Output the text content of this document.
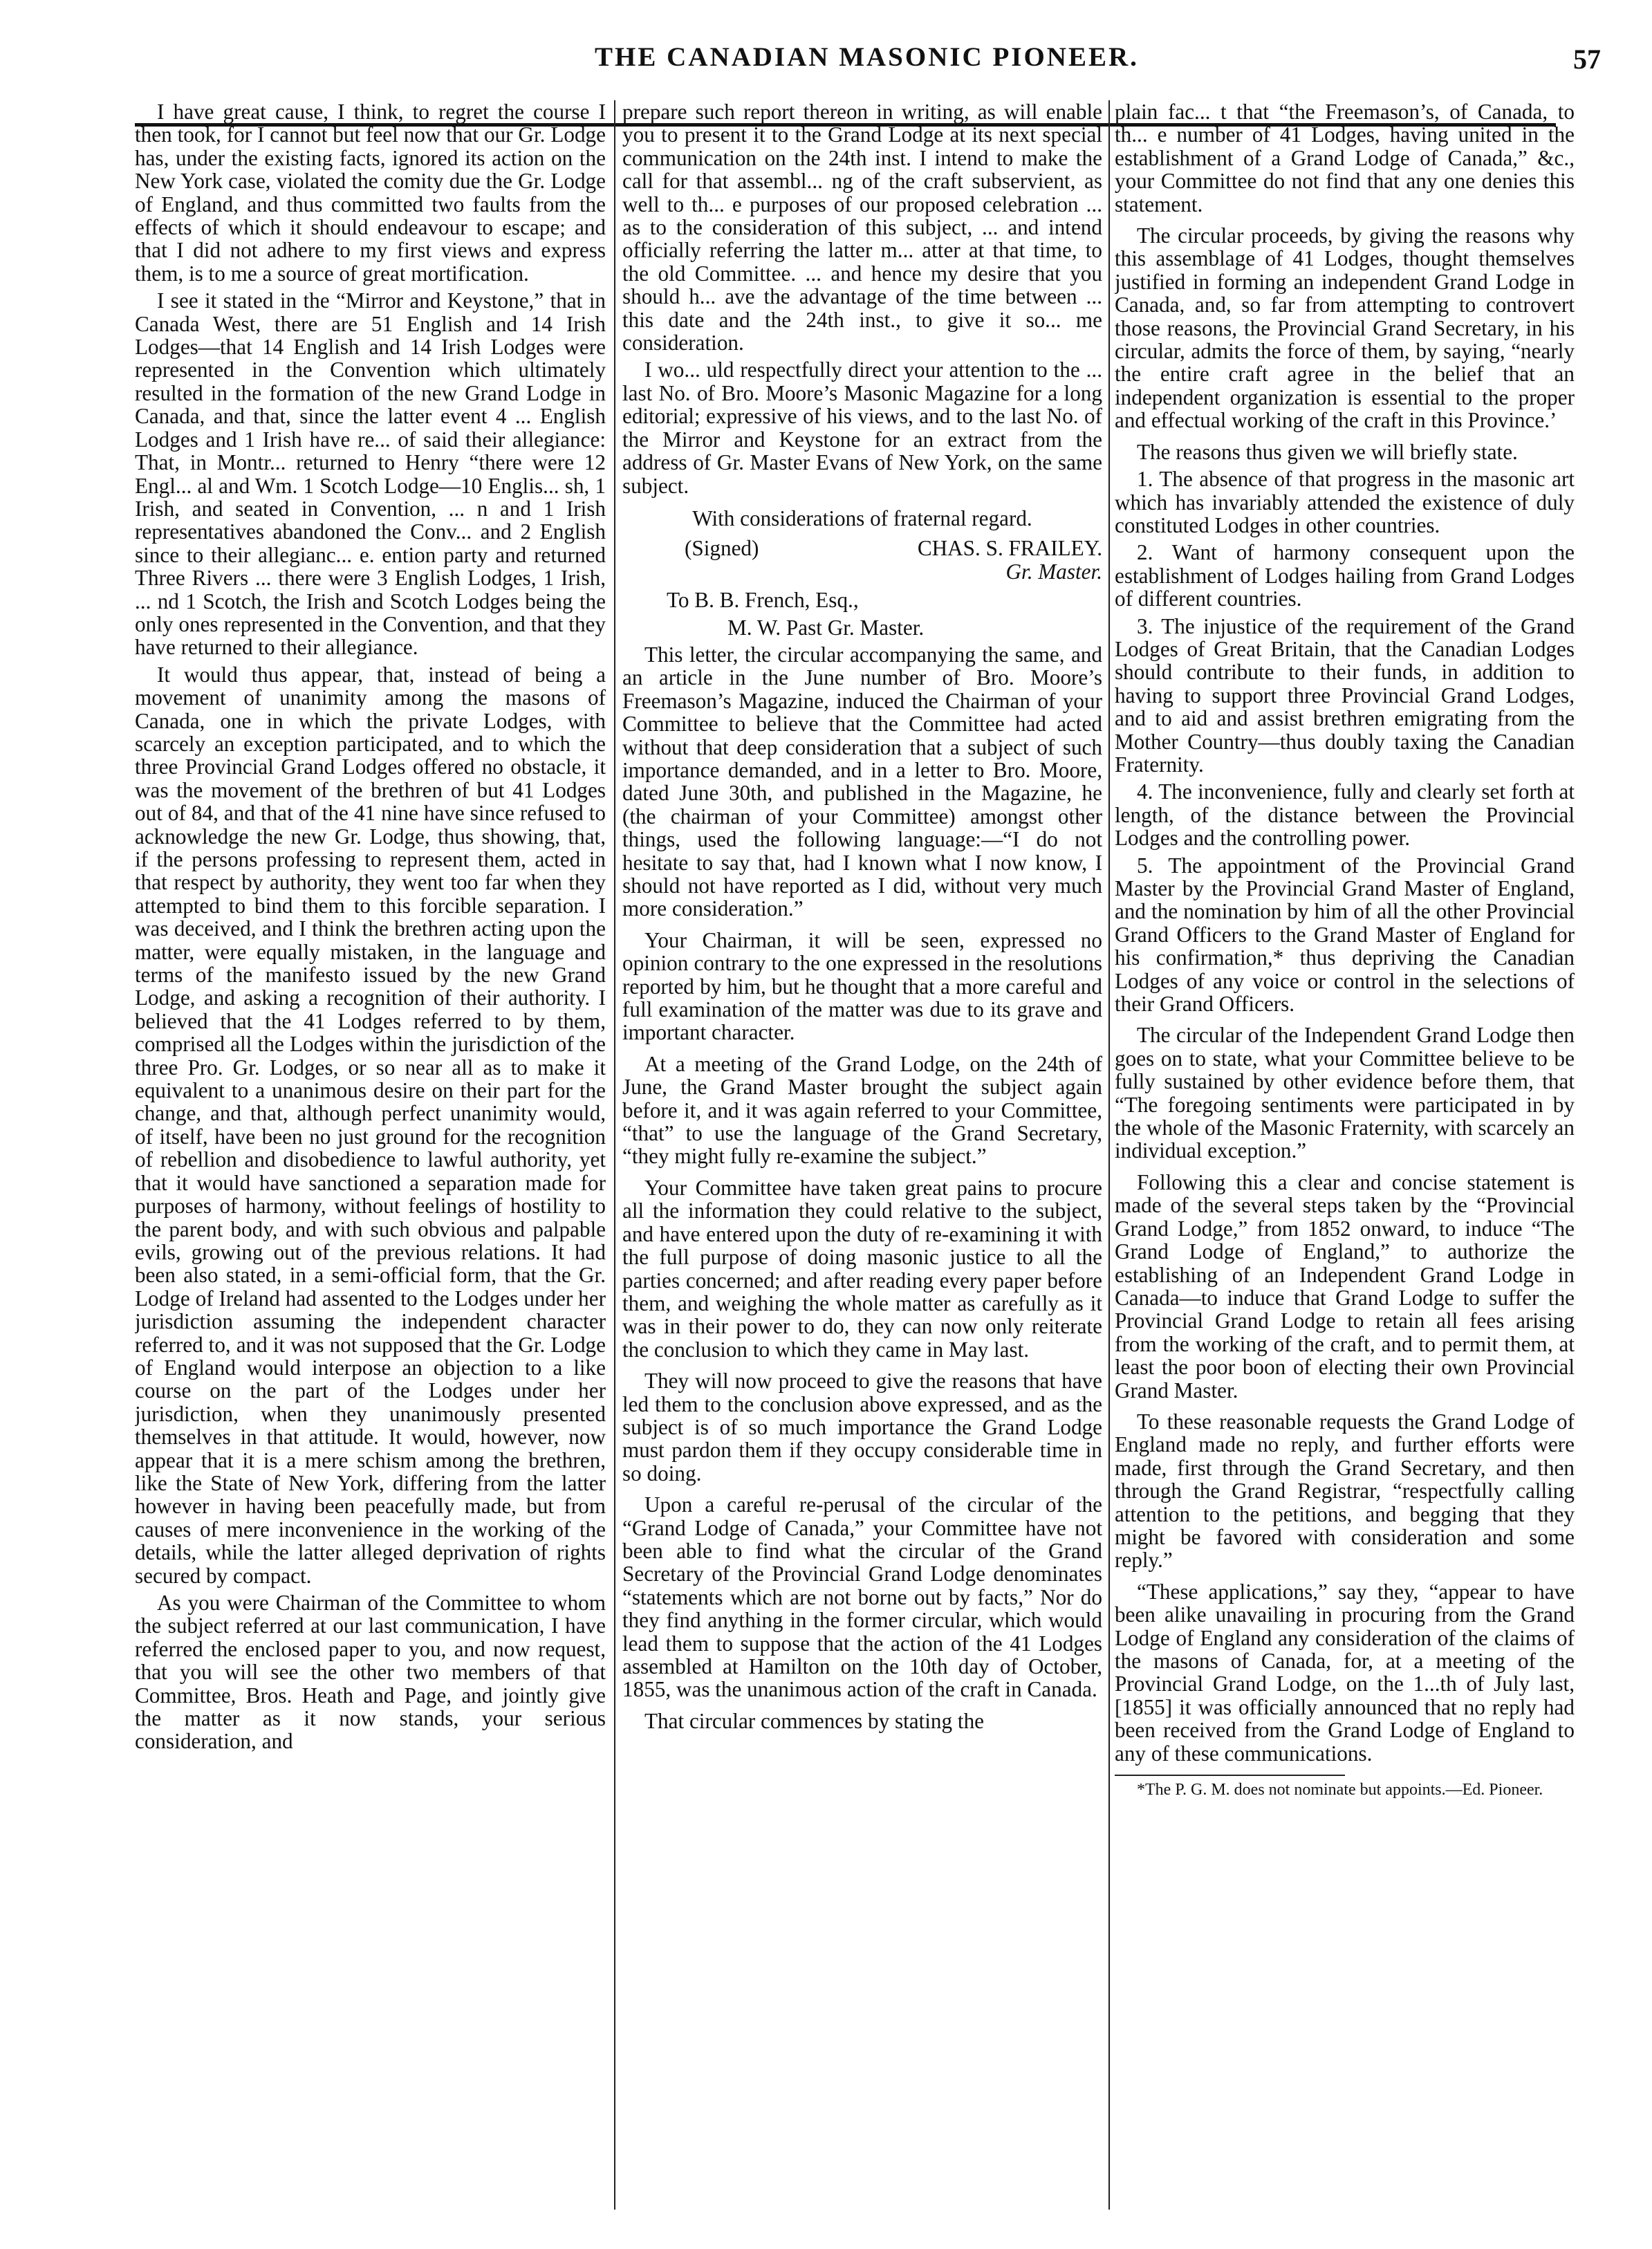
THE CANADIAN MASONIC PIONEER.	57

I have great cause, I think, to regret the course I then took, for I cannot but feel now that our Gr. Lodge has, under the existing facts, ignored its action on the New York case, violated the comity due the Gr. Lodge of England, and thus committed two faults from the effects of which it should endeavour to escape; and that I did not adhere to my first views and express them, is to me a source of great mortification.

I see it stated in the “Mirror and Keystone,” that in Canada West, there are 51 English and 14 Irish Lodges—that 14 English and 14 Irish Lodges were represented in the Convention which ultimately resulted in the formation of the new Grand Lodge in Canada, and that, since the latter event 4 ... English Lodges and 1 Irish have re... of said their allegiance: That, in Montr... returned to Henry “there were 12 Engl... al and Wm. 1 Scotch Lodge—10 Englis... sh, 1 Irish, and seated in Convention, ... n and 1 Irish representatives abandoned the Conv... and 2 English since to their allegianc... e. ention party and returned Three Rivers ... there were 3 English Lodges, 1 Irish, ... nd 1 Scotch, the Irish and Scotch Lodges being the only ones represented in the Convention, and that they have returned to their allegiance.

It would thus appear, that, instead of being a movement of unanimity among the masons of Canada, one in which the private Lodges, with scarcely an exception participated, and to which the three Provincial Grand Lodges offered no obstacle, it was the movement of the brethren of but 41 Lodges out of 84, and that of the 41 nine have since refused to acknowledge the new Gr. Lodge, thus showing, that, if the persons professing to represent them, acted in that respect by authority, they went too far when they attempted to bind them to this forcible separation. I was deceived, and I think the brethren acting upon the matter, were equally mistaken, in the language and terms of the manifesto issued by the new Grand Lodge, and asking a recognition of their authority. I believed that the 41 Lodges referred to by them, comprised all the Lodges within the jurisdiction of the three Pro. Gr. Lodges, or so near all as to make it equivalent to a unanimous desire on their part for the change, and that, although perfect unanimity would, of itself, have been no just ground for the recognition of rebellion and disobedience to lawful authority, yet that it would have sanctioned a separation made for purposes of harmony, without feelings of hostility to the parent body, and with such obvious and palpable evils, growing out of the previous relations. It had been also stated, in a semi-official form, that the Gr. Lodge of Ireland had assented to the Lodges under her jurisdiction assuming the independent character referred to, and it was not supposed that the Gr. Lodge of England would interpose an objection to a like course on the part of the Lodges under her jurisdiction, when they unanimously presented themselves in that attitude. It would, however, now appear that it is a mere schism among the brethren, like the State of New York, differing from the latter however in having been peacefully made, but from causes of mere inconvenience in the working of the details, while the latter alleged deprivation of rights secured by compact.

As you were Chairman of the Committee to whom the subject referred at our last communication, I have referred the enclosed paper to you, and now request, that you will see the other two members of that Committee, Bros. Heath and Page, and jointly give the matter as it now stands, your serious consideration, and

prepare such report thereon in writing, as will enable you to present it to the Grand Lodge at its next special communication on the 24th inst. I intend to make the call for that assembl... ng of the craft subservient, as well to th... e purposes of our proposed celebration ... as to the consideration of this subject, ... and intend officially referring the latter m... atter at that time, to the old Committee. ... and hence my desire that you should h... ave the advantage of the time between ... this date and the 24th inst., to give it so... me consideration.

I wo... uld respectfully direct your attention to the ... last No. of Bro. Moore’s Masonic Magazine for a long editorial; expressive of his views, and to the last No. of the Mirror and Keystone for an extract from the address of Gr. Master Evans of New York, on the same subject.

With considerations of fraternal regard.

(Signed)	CHAS. S. FRAILEY.
Gr. Master.

To B. B. French, Esq.,

M. W. Past Gr. Master.

This letter, the circular accompanying the same, and an article in the June number of Bro. Moore’s Freemason’s Magazine, induced the Chairman of your Committee to believe that the Committee had acted without that deep consideration that a subject of such importance demanded, and in a letter to Bro. Moore, dated June 30th, and published in the Magazine, he (the chairman of your Committee) amongst other things, used the following language:—“I do not hesitate to say that, had I known what I now know, I should not have reported as I did, without very much more consideration.”

Your Chairman, it will be seen, expressed no opinion contrary to the one expressed in the resolutions reported by him, but he thought that a more careful and full examination of the matter was due to its grave and important character.

At a meeting of the Grand Lodge, on the 24th of June, the Grand Master brought the subject again before it, and it was again referred to your Committee, “that” to use the language of the Grand Secretary, “they might fully re-examine the subject.”

Your Committee have taken great pains to procure all the information they could relative to the subject, and have entered upon the duty of re-examining it with the full purpose of doing masonic justice to all the parties concerned; and after reading every paper before them, and weighing the whole matter as carefully as it was in their power to do, they can now only reiterate the conclusion to which they came in May last.

They will now proceed to give the reasons that have led them to the conclusion above expressed, and as the subject is of so much importance the Grand Lodge must pardon them if they occupy considerable time in so doing.

Upon a careful re-perusal of the circular of the “Grand Lodge of Canada,” your Committee have not been able to find what the circular of the Grand Secretary of the Provincial Grand Lodge denominates “statements which are not borne out by facts,” Nor do they find anything in the former circular, which would lead them to suppose that the action of the 41 Lodges assembled at Hamilton on the 10th day of October, 1855, was the unanimous action of the craft in Canada.

That circular commences by stating the

plain fac... t that “the Freemason’s, of Canada, to th... e number of 41 Lodges, having united in the establishment of a Grand Lodge of Canada,” &c., your Committee do not find that any one denies this statement.

The circular proceeds, by giving the reasons why this assemblage of 41 Lodges, thought themselves justified in forming an independent Grand Lodge in Canada, and, so far from attempting to controvert those reasons, the Provincial Grand Secretary, in his circular, admits the force of them, by saying, “nearly the entire craft agree in the belief that an independent organization is essential to the proper and effectual working of the craft in this Province.’

The reasons thus given we will briefly state.

1. The absence of that progress in the masonic art which has invariably attended the existence of duly constituted Lodges in other countries.

2. Want of harmony consequent upon the establishment of Lodges hailing from Grand Lodges of different countries.

3. The injustice of the requirement of the Grand Lodges of Great Britain, that the Canadian Lodges should contribute to their funds, in addition to having to support three Provincial Grand Lodges, and to aid and assist brethren emigrating from the Mother Country—thus doubly taxing the Canadian Fraternity.

4. The inconvenience, fully and clearly set forth at length, of the distance between the Provincial Lodges and the controlling power.

5. The appointment of the Provincial Grand Master by the Provincial Grand Master of England, and the nomination by him of all the other Provincial Grand Officers to the Grand Master of England for his confirmation,* thus depriving the Canadian Lodges of any voice or control in the selections of their Grand Officers.

The circular of the Independent Grand Lodge then goes on to state, what your Committee believe to be fully sustained by other evidence before them, that “The foregoing sentiments were participated in by the whole of the Masonic Fraternity, with scarcely an individual exception.”

Following this a clear and concise statement is made of the several steps taken by the “Provincial Grand Lodge,” from 1852 onward, to induce “The Grand Lodge of England,” to authorize the establishing of an Independent Grand Lodge in Canada—to induce that Grand Lodge to suffer the Provincial Grand Lodge to retain all fees arising from the working of the craft, and to permit them, at least the poor boon of electing their own Provincial Grand Master.

To these reasonable requests the Grand Lodge of England made no reply, and further efforts were made, first through the Grand Secretary, and then through the Grand Registrar, “respectfully calling attention to the petitions, and begging that they might be favored with consideration and some reply.”

“These applications,” say they, “appear to have been alike unavailing in procuring from the Grand Lodge of England any consideration of the claims of the masons of Canada, for, at a meeting of the Provincial Grand Lodge, on the 1...th of July last, [1855] it was officially announced that no reply had been received from the Grand Lodge of England to any of these communications.

*The P. G. M. does not nominate but appoints.—Ed. Pioneer.
